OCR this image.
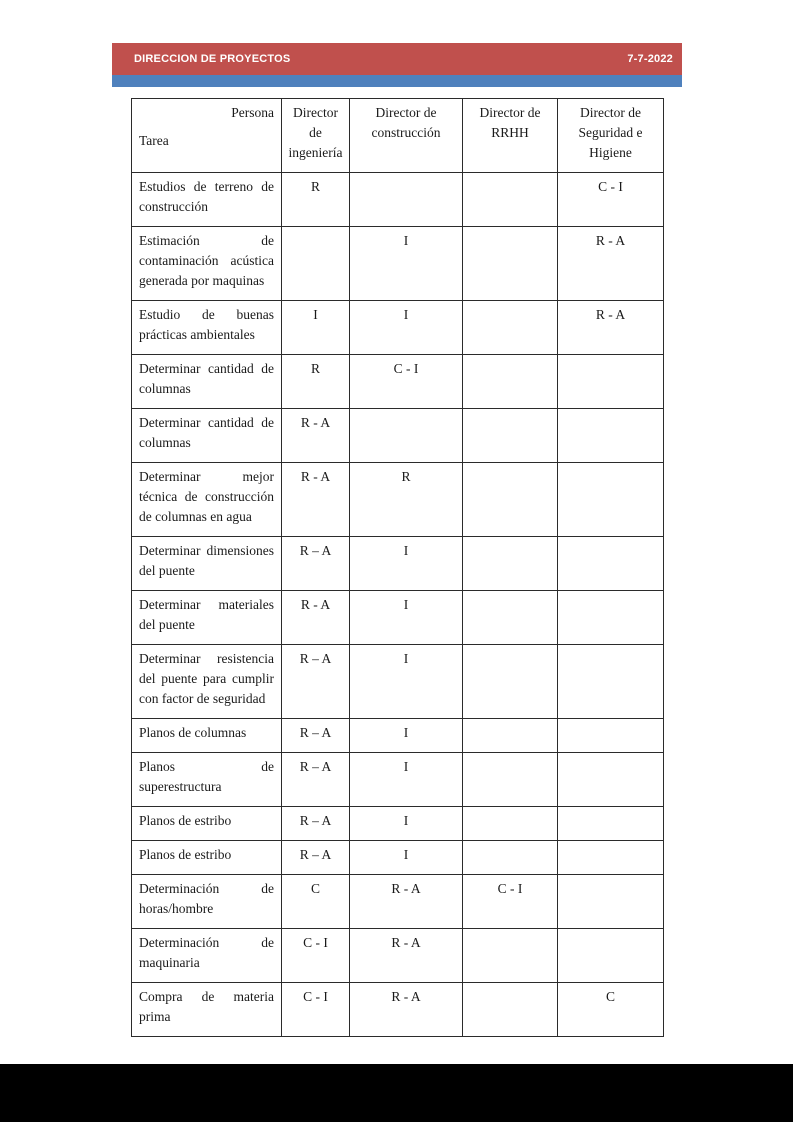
DIRECCION DE PROYECTOS	7-7-2022
Persona
Tarea	Director de ingeniería	Director de construcción	Director de RRHH	Director de Seguridad e Higiene
Estudios de terreno de construcción	R			C - I
Estimación de contaminación acústica generada por maquinas		I		R - A
Estudio de buenas prácticas ambientales	I	I		R - A
Determinar cantidad de columnas	R	C - I		
Determinar cantidad de columnas	R - A			
Determinar mejor técnica de construcción de columnas en agua	R - A	R		
Determinar dimensiones del puente	R – A	I		
Determinar materiales del puente	R - A	I		
Determinar resistencia del puente para cumplir con factor de seguridad	R – A	I		
Planos de columnas	R – A	I		
Planos de superestructura	R – A	I		
Planos de estribo	R – A	I		
Planos de estribo	R – A	I		
Determinación de horas/hombre	C	R - A	C - I	
Determinación de maquinaria	C - I	R - A		
Compra de materia prima	C - I	R - A		C
